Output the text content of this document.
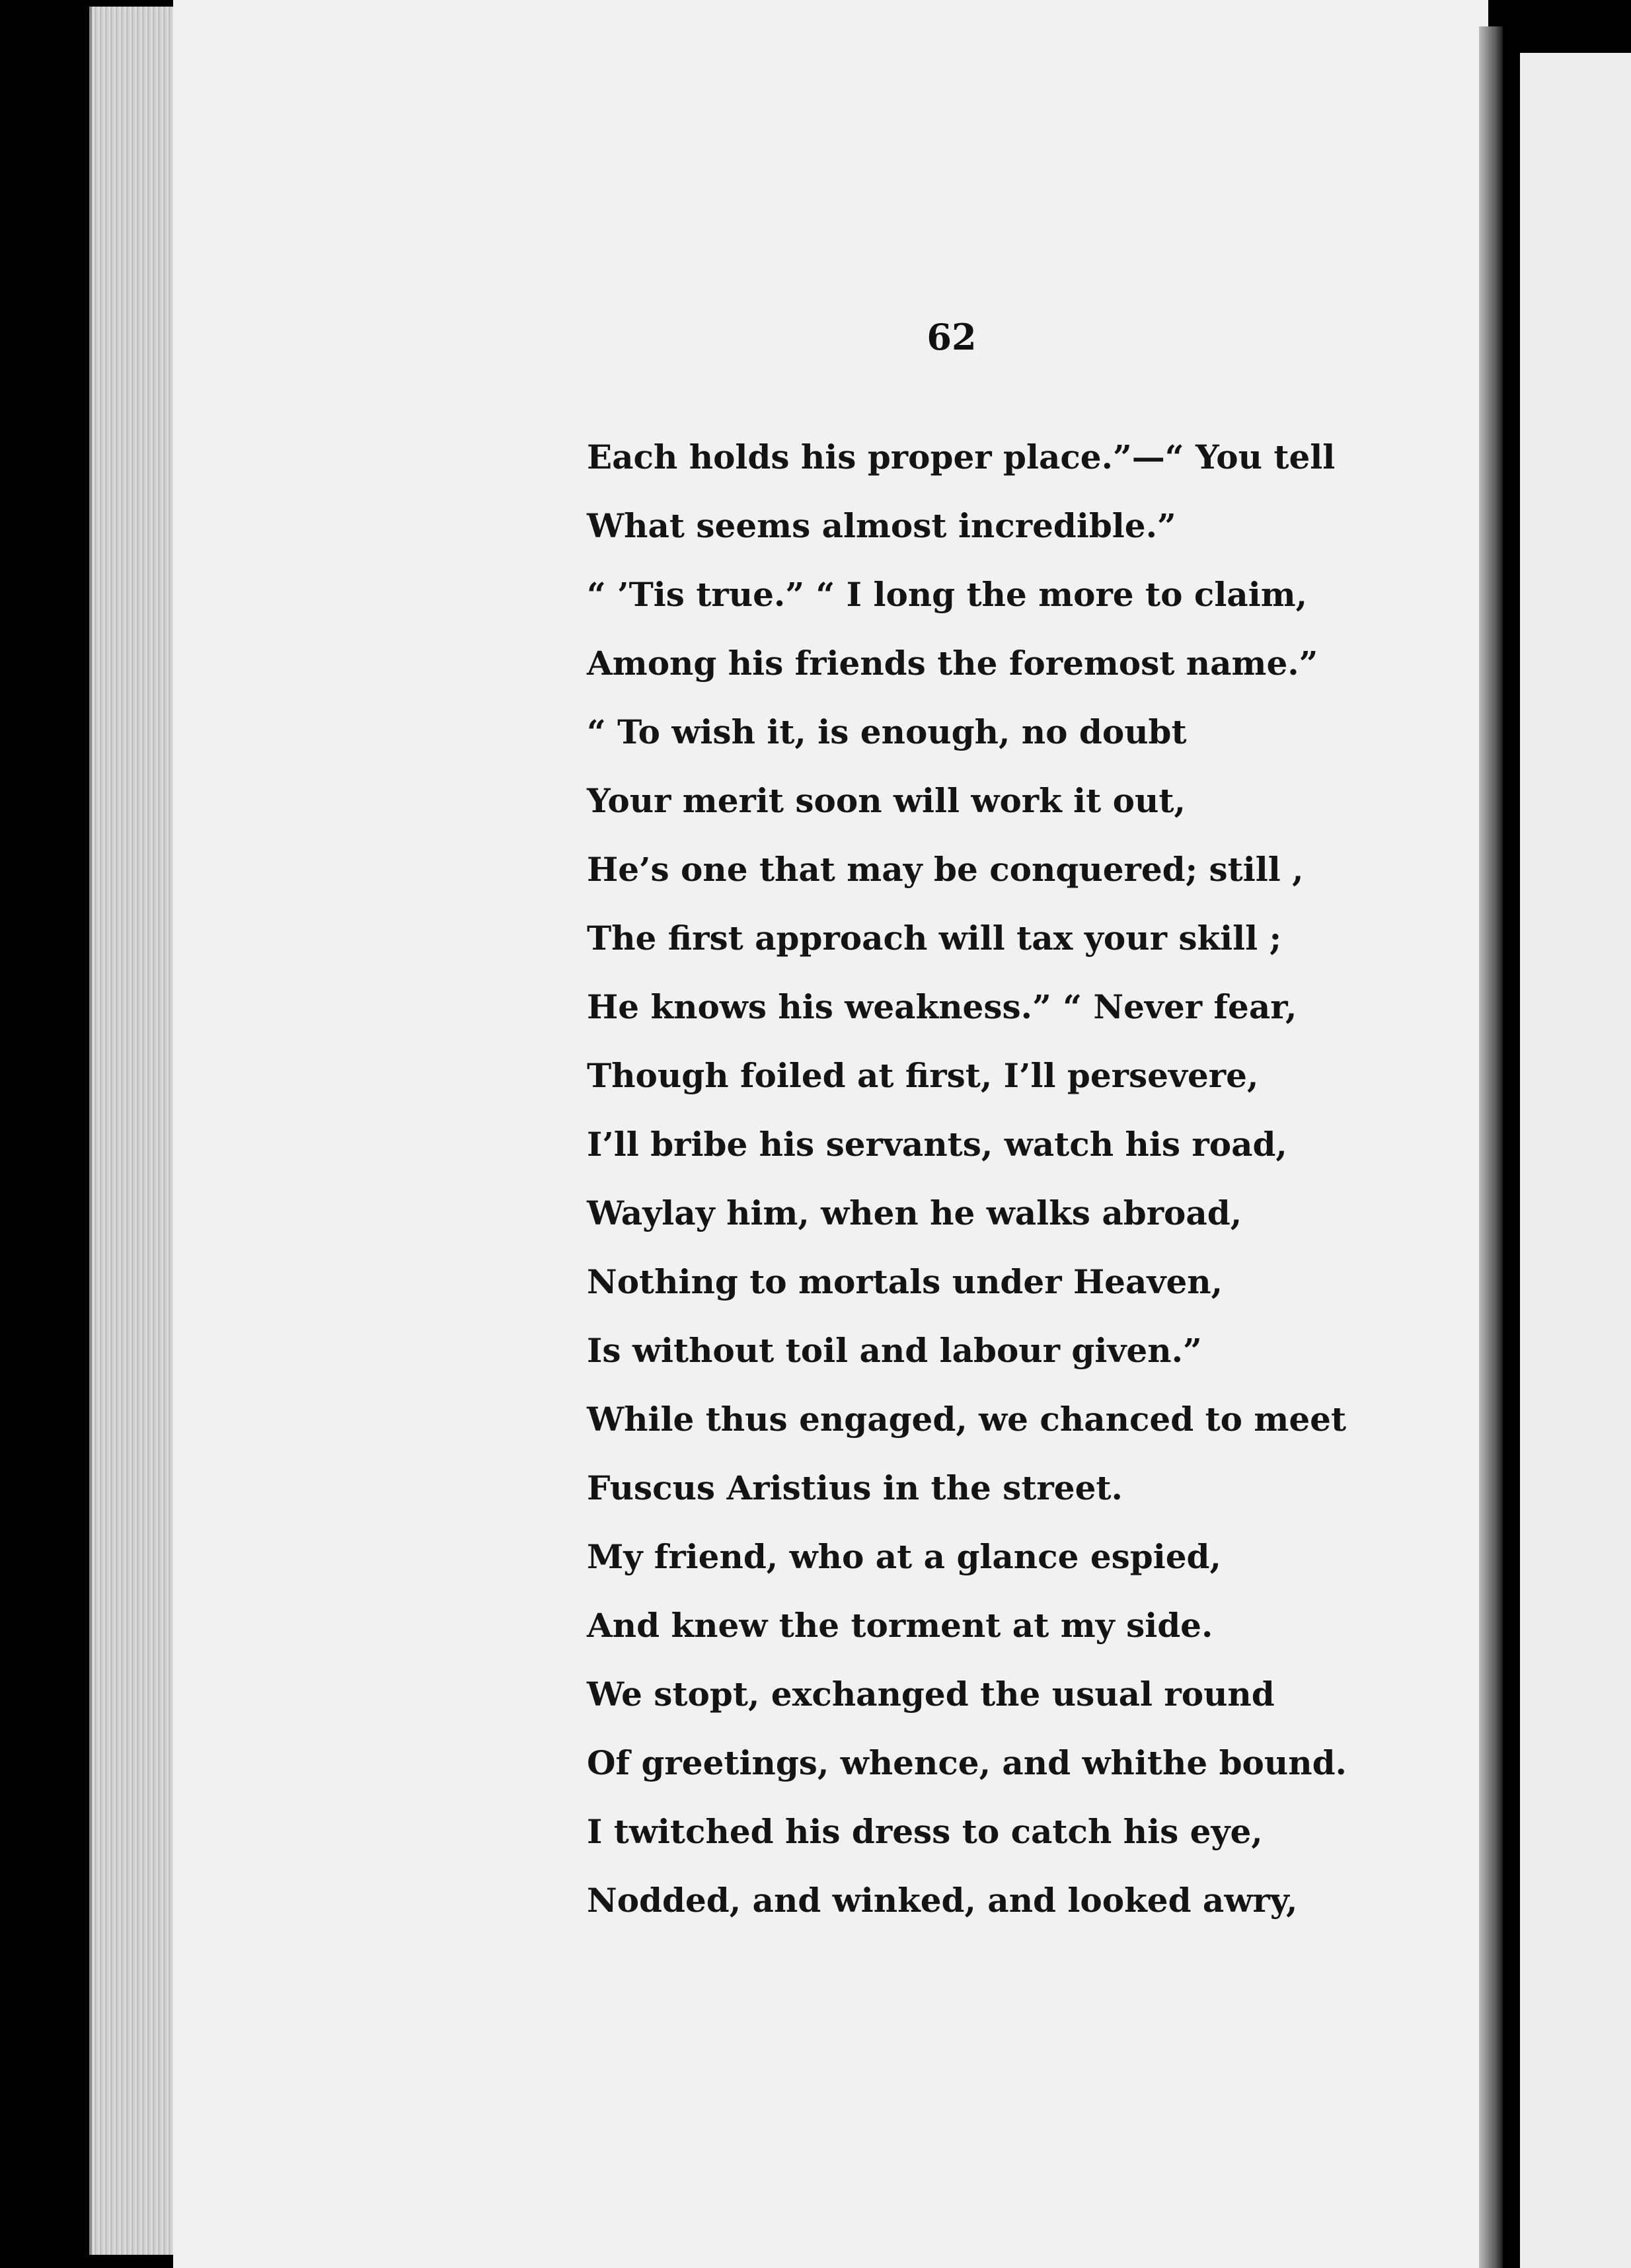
62
Each holds his proper place.”—“ You tell
What seems almost incredible.”
“ ’Tis true.” “ I long the more to claim,
Among his friends the foremost name.”
“ To wish it, is enough, no doubt
Your merit soon will work it out,
He’s one that may be conquered; still ,
The first approach will tax your skill ;
He knows his weakness.” “ Never fear,
Though foiled at first, I’ll persevere,
I’ll bribe his servants, watch his road,
Waylay him, when he walks abroad,
Nothing to mortals under Heaven,
Is without toil and labour given.”
While thus engaged, we chanced to meet
Fuscus Aristius in the street.
My friend, who at a glance espied,
And knew the torment at my side.
We stopt, exchanged the usual round
Of greetings, whence, and whithe bound.
I twitched his dress to catch his eye,
Nodded, and winked, and looked awry,
